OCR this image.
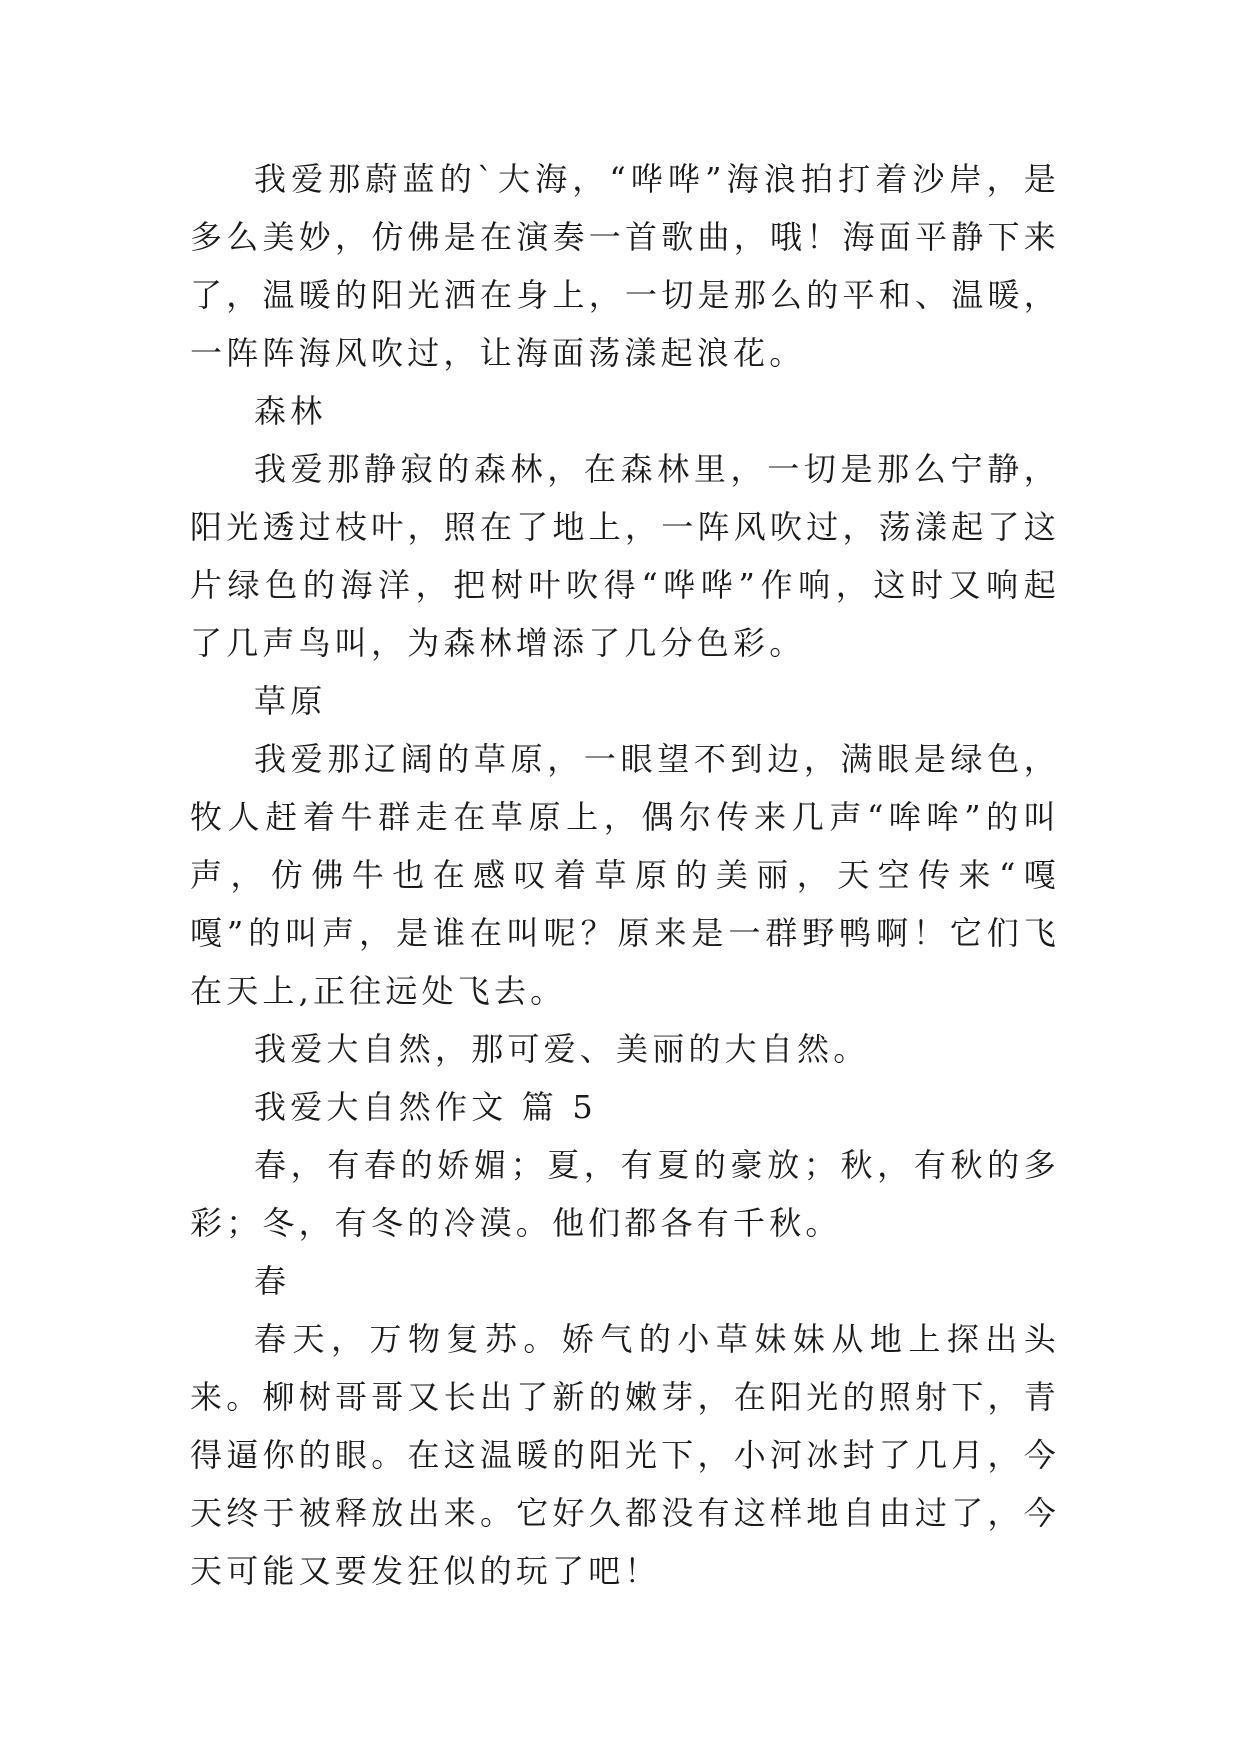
我爱那蔚蓝的`大海，“哗哗”海浪拍打着沙岸，是多么美妙，仿佛是在演奏一首歌曲，哦！海面平静下来了，温暖的阳光洒在身上，一切是那么的平和、温暖，一阵阵海风吹过，让海面荡漾起浪花。

森林

我爱那静寂的森林，在森林里，一切是那么宁静，阳光透过枝叶，照在了地上，一阵风吹过，荡漾起了这片绿色的海洋，把树叶吹得“哗哗”作响，这时又响起了几声鸟叫，为森林增添了几分色彩。

草原

我爱那辽阔的草原，一眼望不到边，满眼是绿色，牧人赶着牛群走在草原上，偶尔传来几声“哞哞”的叫声，仿佛牛也在感叹着草原的美丽，天空传来“嘎嘎”的叫声，是谁在叫呢？原来是一群野鸭啊！它们飞在天上,正往远处飞去。

我爱大自然，那可爱、美丽的大自然。

我爱大自然作文 篇 5

春，有春的娇媚；夏，有夏的豪放；秋，有秋的多彩；冬，有冬的冷漠。他们都各有千秋。

春

春天，万物复苏。娇气的小草妹妹从地上探出头来。柳树哥哥又长出了新的嫩芽，在阳光的照射下，青得逼你的眼。在这温暖的阳光下，小河冰封了几月，今天终于被释放出来。它好久都没有这样地自由过了，今天可能又要发狂似的玩了吧！
